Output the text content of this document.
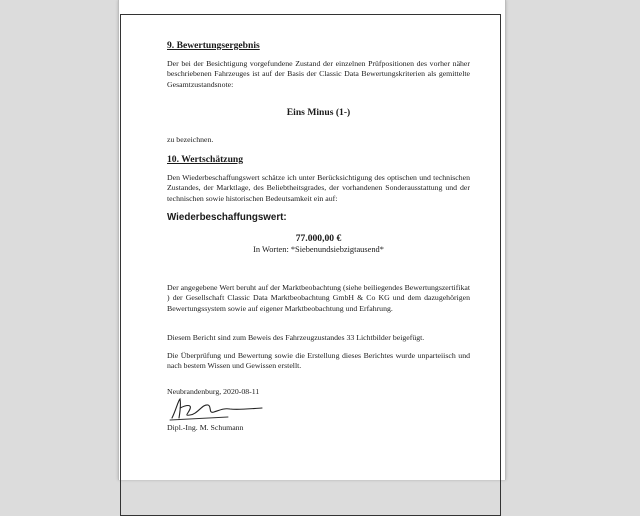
9. Bewertungsergebnis
Der bei der Besichtigung vorgefundene Zustand der einzelnen Prüfpositionen des vorher näher beschriebenen Fahrzeuges ist auf der Basis der Classic Data Bewertungskriterien als gemittelte Gesamtzustandsnote:
Eins Minus (1-)
zu bezeichnen.
10. Wertschätzung
Den Wiederbeschaffungswert schätze ich unter Berücksichtigung des optischen und technischen Zustandes, der Marktlage, des Beliebtheitsgrades, der vorhandenen Sonderausstattung und der technischen sowie historischen Bedeutsamkeit ein auf:
Wiederbeschaffungswert:
77.000,00 €
In Worten: *Siebenundsiebzigtausend*
Der angegebene Wert beruht auf der Marktbeobachtung (siehe beiliegendes Bewertungszertifikat ) der Gesellschaft Classic Data Marktbeobachtung GmbH & Co KG und dem dazugehörigen Bewertungssystem sowie auf eigener Marktbeobachtung und Erfahrung.
Diesem Bericht sind zum Beweis des Fahrzeugzustandes 33 Lichtbilder beigefügt.
Die Überprüfung und Bewertung sowie die Erstellung dieses Berichtes wurde unparteiisch und nach bestem Wissen und Gewissen erstellt.
Neubrandenburg, 2020-08-11
Dipl.-Ing. M. Schumann
